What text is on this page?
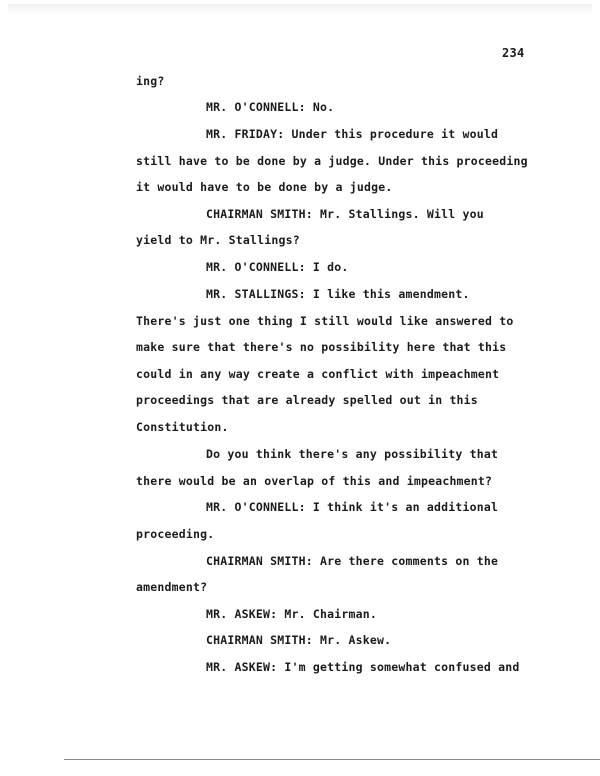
234
ing?
MR. O'CONNELL: No.
MR. FRIDAY: Under this procedure it would
still have to be done by a judge. Under this proceeding
it would have to be done by a judge.
CHAIRMAN SMITH: Mr. Stallings. Will you
yield to Mr. Stallings?
MR. O'CONNELL: I do.
MR. STALLINGS: I like this amendment.
There's just one thing I still would like answered to
make sure that there's no possibility here that this
could in any way create a conflict with impeachment
proceedings that are already spelled out in this
Constitution.
Do you think there's any possibility that
there would be an overlap of this and impeachment?
MR. O'CONNELL: I think it's an additional
proceeding.
CHAIRMAN SMITH: Are there comments on the
amendment?
MR. ASKEW: Mr. Chairman.
CHAIRMAN SMITH: Mr. Askew.
MR. ASKEW: I'm getting somewhat confused and
